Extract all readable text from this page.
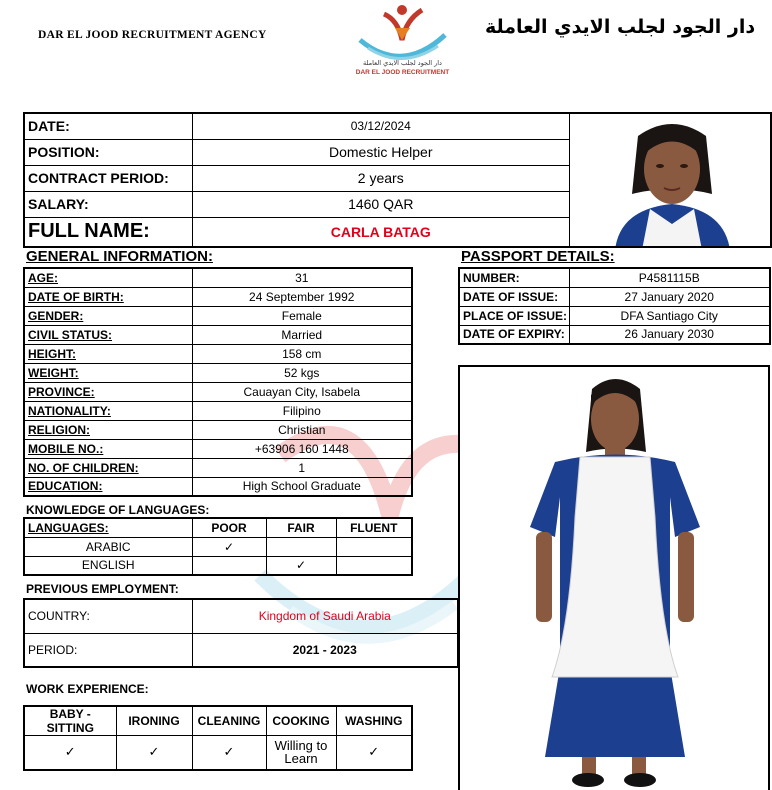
DAR EL JOOD RECRUITMENT AGENCY
دار الجود لجلب الايدي العاملة
DAR EL JOOD RECRUITMENT
دار الجود لجلب الايدي العاملة
DATE:	03/12/2024
POSITION:	Domestic Helper
CONTRACT PERIOD:	2 years
SALARY:	1460 QAR
FULL NAME:	CARLA BATAG
GENERAL INFORMATION:
AGE:	31
DATE OF BIRTH:	24 September 1992
GENDER:	Female
CIVIL STATUS:	Married
HEIGHT:	158 cm
WEIGHT:	52 kgs
PROVINCE:	Cauayan City, Isabela
NATIONALITY:	Filipino
RELIGION:	Christian
MOBILE NO.:	+63906 160 1448
NO. OF CHILDREN:	1
EDUCATION:	High School Graduate
PASSPORT DETAILS:
NUMBER:	P4581115B
DATE OF ISSUE:	27 January 2020
PLACE OF ISSUE:	DFA Santiago City
DATE OF EXPIRY:	26 January 2030
KNOWLEDGE OF LANGUAGES:
LANGUAGES:	POOR	FAIR	FLUENT
ARABIC	✓		
ENGLISH		✓	
PREVIOUS EMPLOYMENT:
COUNTRY:	Kingdom of Saudi Arabia
PERIOD:	2021 - 2023
WORK EXPERIENCE:
BABY - SITTING	IRONING	CLEANING	COOKING	WASHING
✓	✓	✓	Willing to Learn	✓
